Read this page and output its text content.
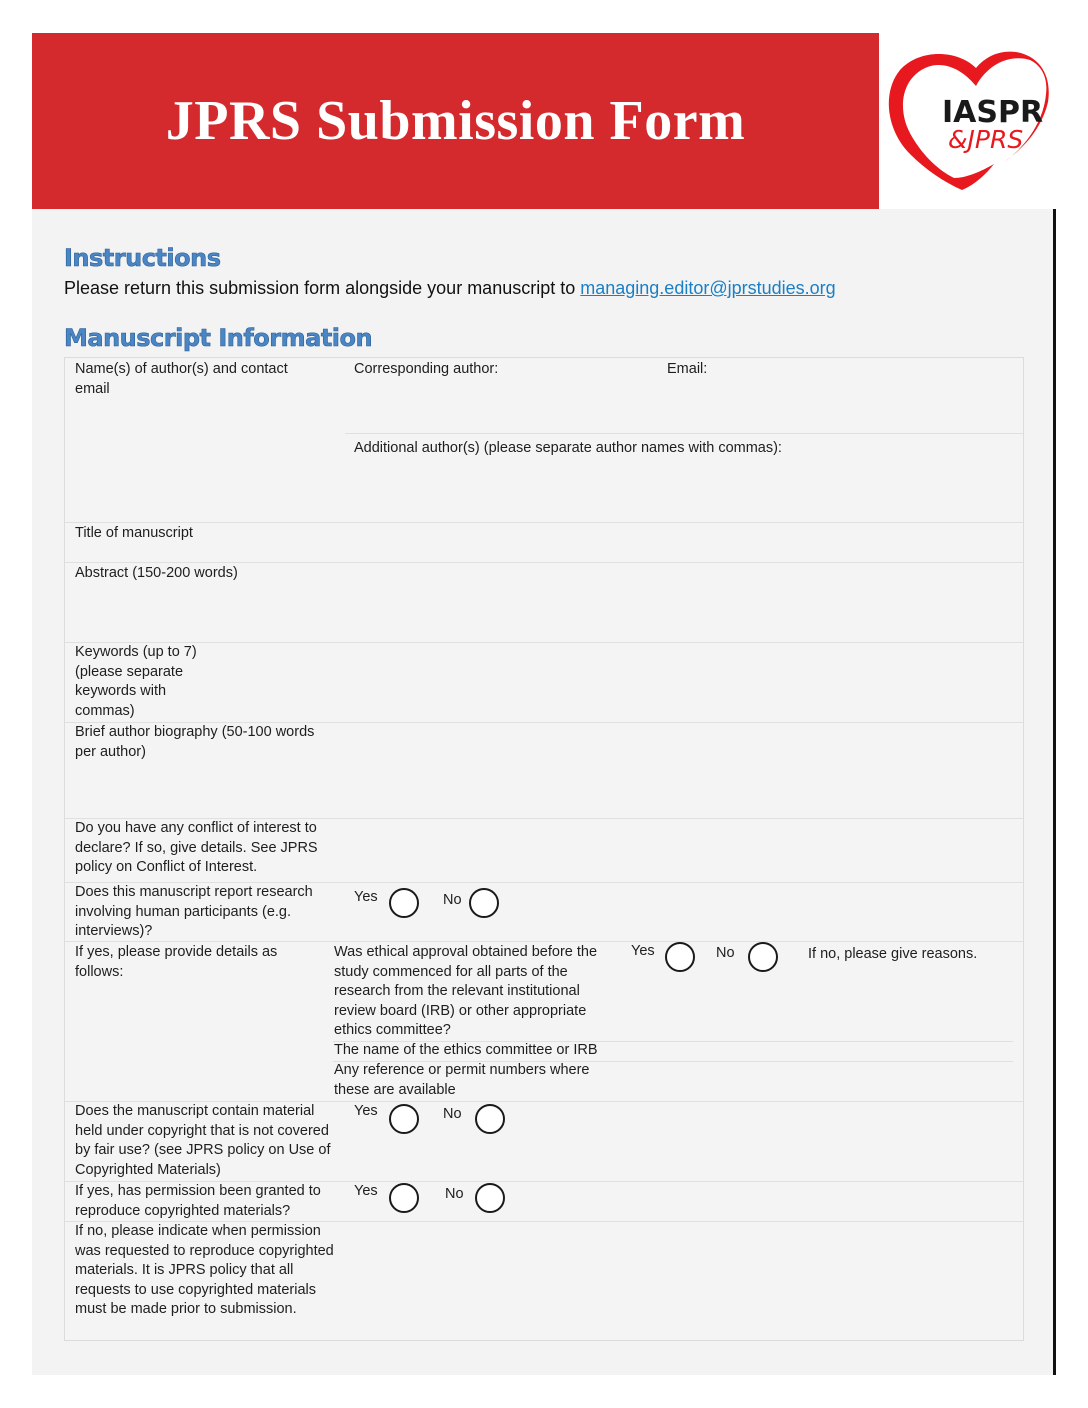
JPRS Submission Form	IASPR
&JPRS
Instructions
Please return this submission form alongside your manuscript to managing.editor@jprstudies.org
Manuscript Information
Name(s) of author(s) and contact email
Corresponding author:	Email:
Additional author(s) (please separate author names with commas):
Title of manuscript
Abstract (150-200 words)
Keywords (up to 7) (please separate keywords with commas)
Brief author biography (50-100 words per author)
Do you have any conflict of interest to declare? If so, give details. See JPRS policy on Conflict of Interest.
Does this manuscript report research involving human participants (e.g. interviews)?
Yes	No
If yes, please provide details as follows:
Was ethical approval obtained before the study commenced for all parts of the research from the relevant institutional review board (IRB) or other appropriate ethics committee?
Yes	No	If no, please give reasons.
The name of the ethics committee or IRB
Any reference or permit numbers where these are available
Does the manuscript contain material held under copyright that is not covered by fair use? (see JPRS policy on Use of Copyrighted Materials)
Yes	No
If yes, has permission been granted to reproduce copyrighted materials?
Yes	No
If no, please indicate when permission was requested to reproduce copyrighted materials. It is JPRS policy that all requests to use copyrighted materials must be made prior to submission.
